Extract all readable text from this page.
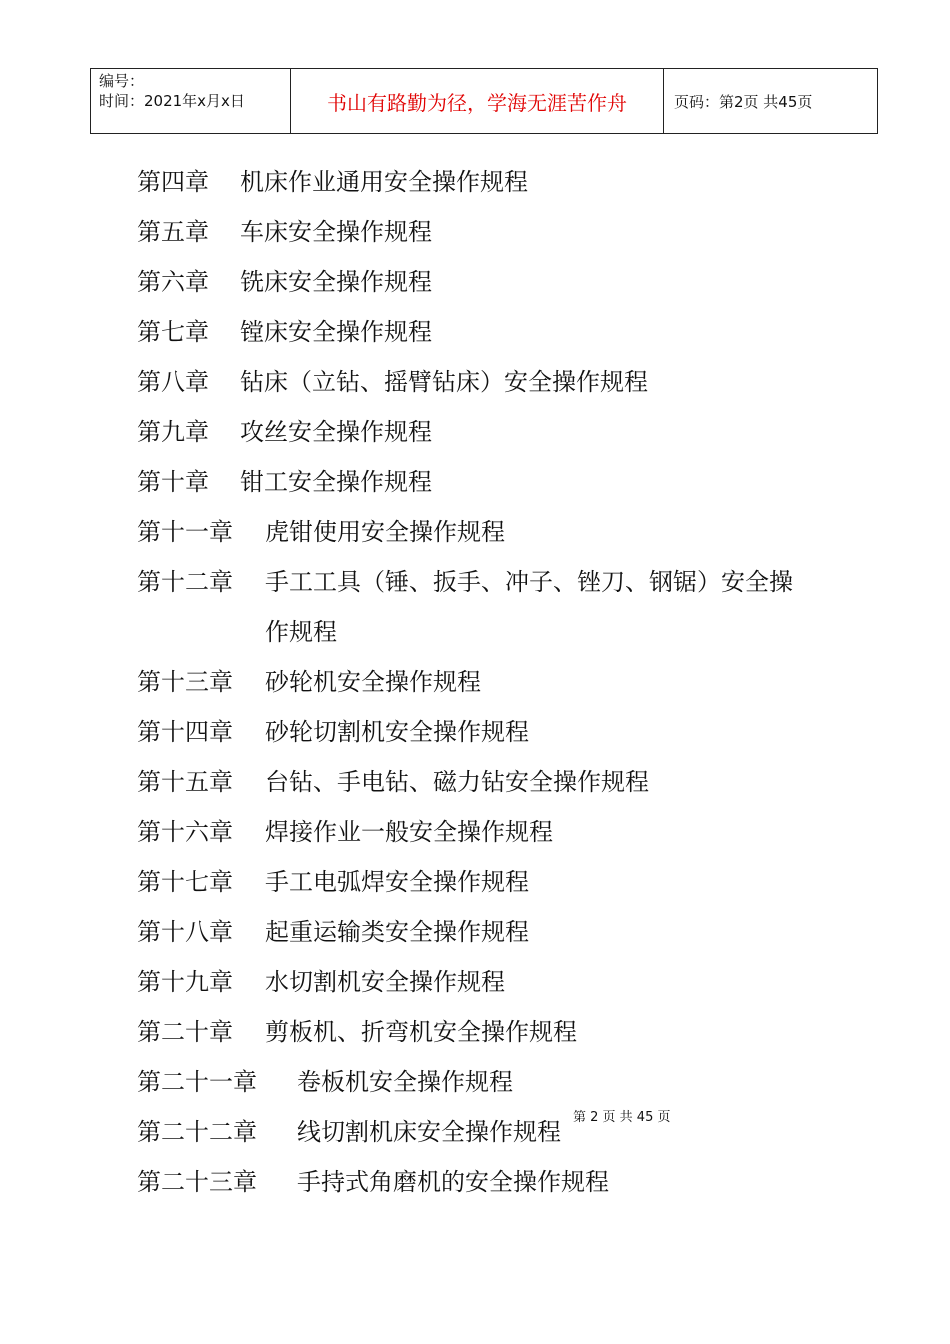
编号：
时间：2021年x月x日	书山有路勤为径，学海无涯苦作舟	页码：第2页 共45页
第四章	机床作业通用安全操作规程
第五章	车床安全操作规程
第六章	铣床安全操作规程
第七章	镗床安全操作规程
第八章	钻床（立钻、摇臂钻床）安全操作规程
第九章	攻丝安全操作规程
第十章	钳工安全操作规程
第十一章	虎钳使用安全操作规程
第十二章	手工工具（锤、扳手、冲子、锉刀、钢锯）安全操作规程
第十三章	砂轮机安全操作规程
第十四章	砂轮切割机安全操作规程
第十五章	台钻、手电钻、磁力钻安全操作规程
第十六章	焊接作业一般安全操作规程
第十七章	手工电弧焊安全操作规程
第十八章	起重运输类安全操作规程
第十九章	水切割机安全操作规程
第二十章	剪板机、折弯机安全操作规程
第二十一章	卷板机安全操作规程
第二十二章	线切割机床安全操作规程$^{第 2 页 共 45 页}$
第二十三章	手持式角磨机的安全操作规程
